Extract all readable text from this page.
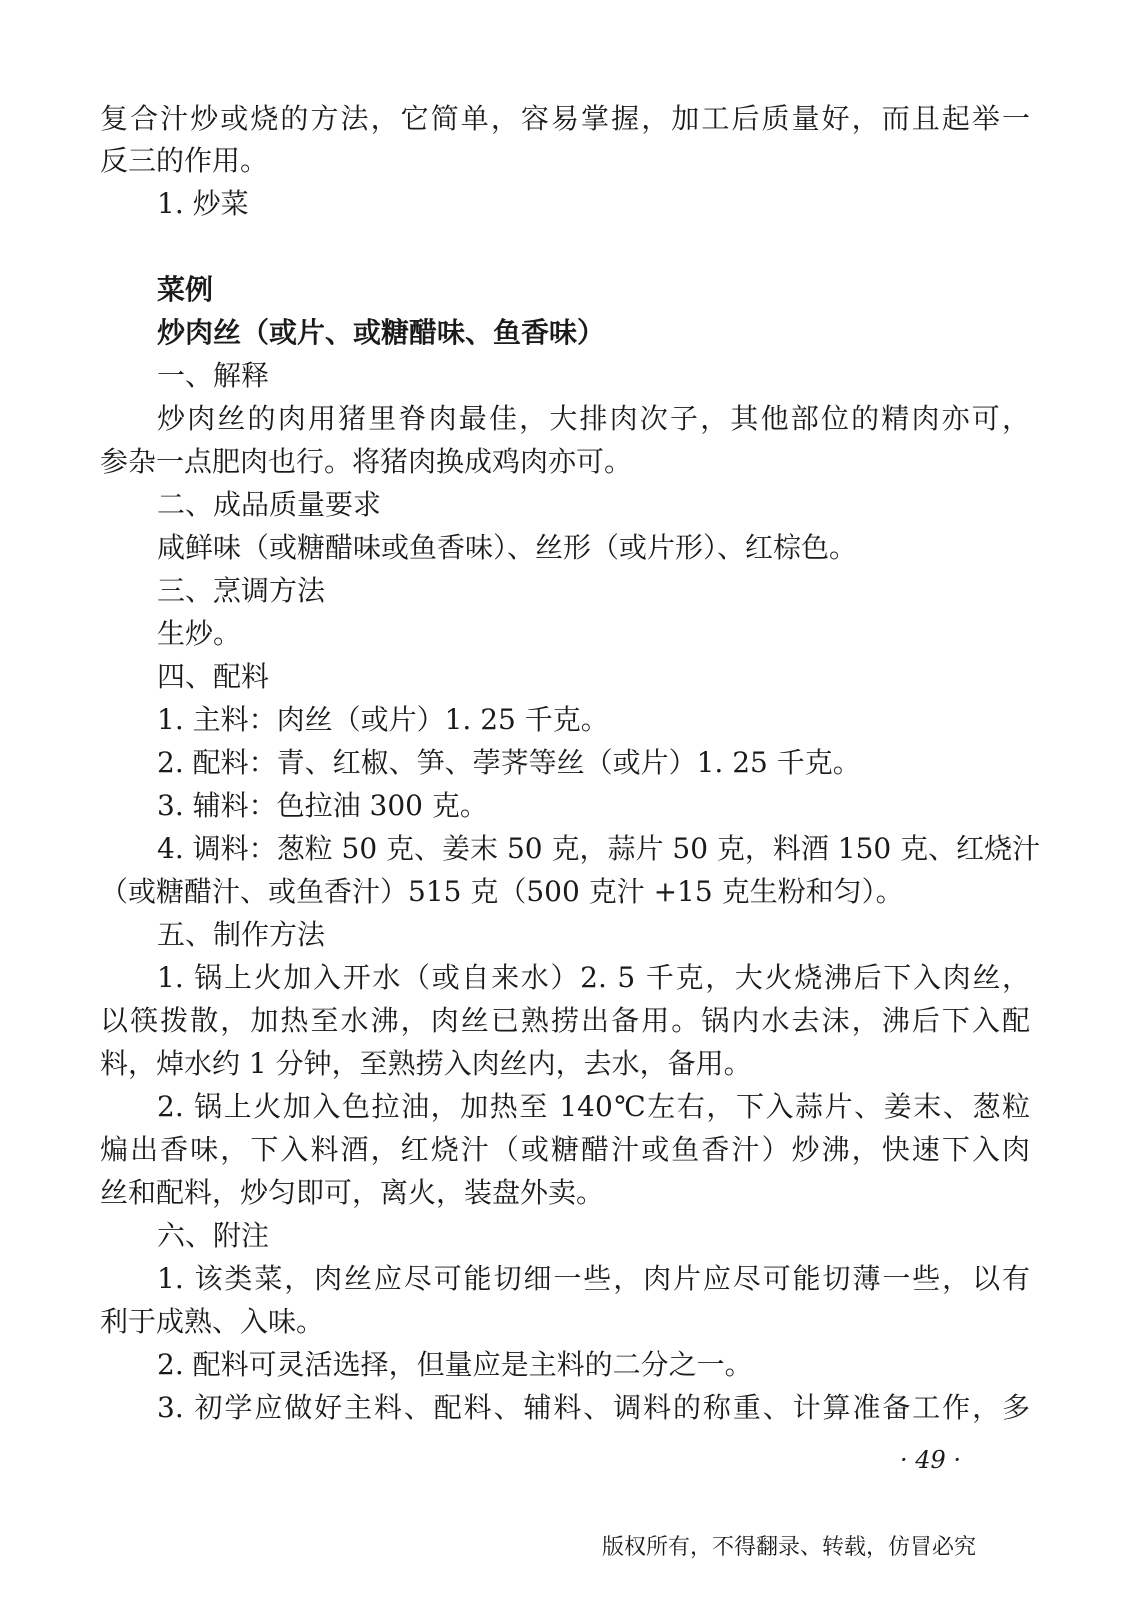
复合汁炒或烧的方法，它简单，容易掌握，加工后质量好，而且起举一
反三的作用。
1. 炒菜
菜例
炒肉丝（或片、或糖醋味、鱼香味）
一、解释
炒肉丝的肉用猪里脊肉最佳，大排肉次子，其他部位的精肉亦可，
参杂一点肥肉也行。将猪肉换成鸡肉亦可。
二、成品质量要求
咸鲜味（或糖醋味或鱼香味）、丝形（或片形）、红棕色。
三、烹调方法
生炒。
四、配料
1. 主料：肉丝（或片）1. 25 千克。
2. 配料：青、红椒、笋、荸荠等丝（或片）1. 25 千克。
3. 辅料：色拉油 300 克。
4. 调料：葱粒 50 克、姜末 50 克，蒜片 50 克，料酒 150 克、红烧汁
（或糖醋汁、或鱼香汁）515 克（500 克汁 +15 克生粉和匀）。
五、制作方法
1. 锅上火加入开水（或自来水）2. 5 千克，大火烧沸后下入肉丝，
以筷拨散，加热至水沸，肉丝已熟捞出备用。锅内水去沫，沸后下入配
料，焯水约 1 分钟，至熟捞入肉丝内，去水，备用。
2. 锅上火加入色拉油，加热至 140℃左右，下入蒜片、姜末、葱粒
煸出香味，下入料酒，红烧汁（或糖醋汁或鱼香汁）炒沸，快速下入肉
丝和配料，炒匀即可，离火，装盘外卖。
六、附注
1. 该类菜，肉丝应尽可能切细一些，肉片应尽可能切薄一些，以有
利于成熟、入味。
2. 配料可灵活选择，但量应是主料的二分之一。
3. 初学应做好主料、配料、辅料、调料的称重、计算准备工作，多
· 49 ·
版权所有，不得翻录、转载，仿冒必究
